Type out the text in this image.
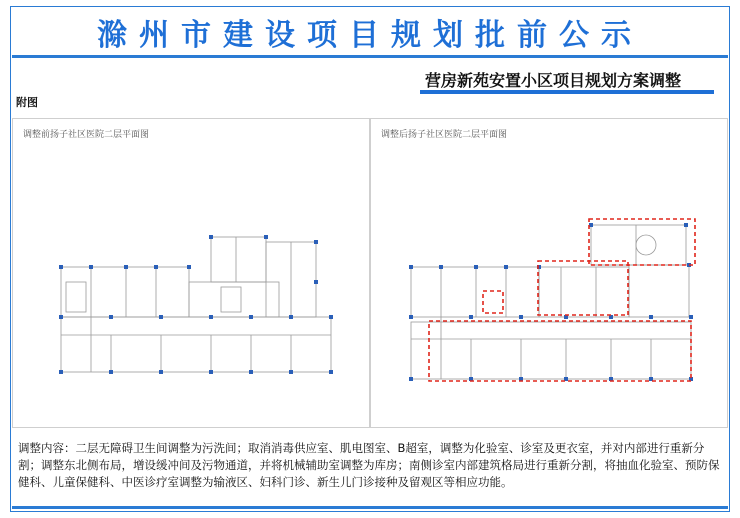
滁州市建设项目规划批前公示
营房新苑安置小区项目规划方案调整
附图
调整前扬子社区医院二层平面图	调整后扬子社区医院二层平面图
调整内容：二层无障碍卫生间调整为污洗间；取消消毒供应室、肌电图室、B超室，调整为化验室、诊室及更衣室，并对内部进行重新分割；调整东北侧布局，增设缓冲间及污物通道，并将机械辅助室调整为库房；南侧诊室内部建筑格局进行重新分割，将抽血化验室、预防保健科、儿童保健科、中医诊疗室调整为输液区、妇科门诊、新生儿门诊接种及留观区等相应功能。
